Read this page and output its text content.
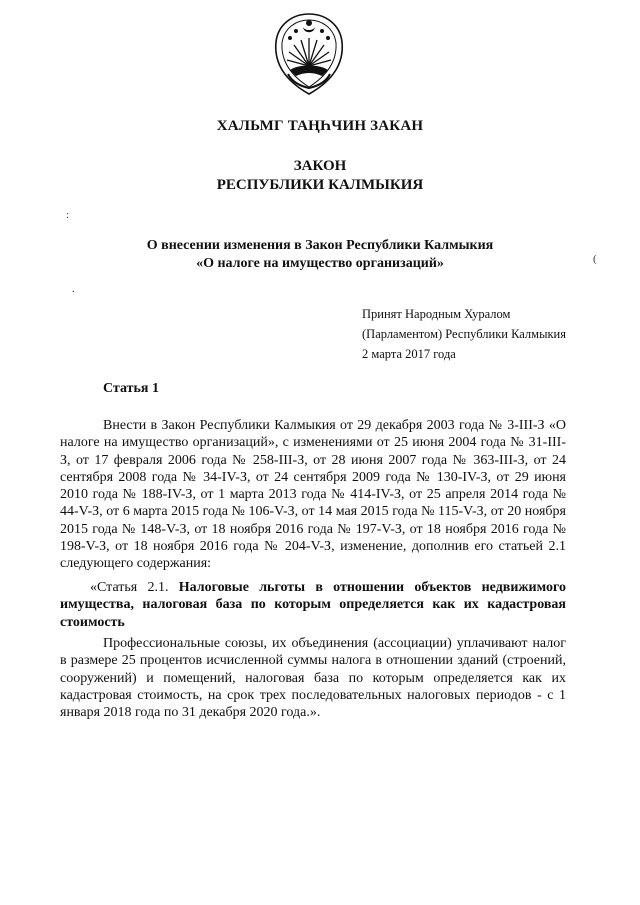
ХАЛЬМГ ТАҢҺЧИН ЗАКАН
ЗАКОН
РЕСПУБЛИКИ КАЛМЫКИЯ
:
(
.
О внесении изменения в Закон Республики Калмыкия
«О налоге на имущество организаций»
Принят Народным Хуралом
(Парламентом) Республики Калмыкия
2 марта 2017 года
Статья 1
Внести в Закон Республики Калмыкия от 29 декабря 2003 года № 3-III-З «О налоге на имущество организаций», с изменениями от 25 июня 2004 года № 31-III-З, от 17 февраля 2006 года № 258-III-З, от 28 июня 2007 года № 363-III-З, от 24 сентября 2008 года № 34-IV-З, от 24 сентября 2009 года № 130-IV-З, от 29 июня 2010 года № 188-IV-З, от 1 марта 2013 года № 414-IV-З, от 25 апреля 2014 года № 44-V-З, от 6 марта 2015 года № 106-V-З, от 14 мая 2015 года № 115-V-З, от 20 ноября 2015 года № 148-V-З, от 18 ноября 2016 года № 197-V-З, от 18 ноября 2016 года № 198-V-З, от 18 ноября 2016 года № 204-V-З, изменение, дополнив его статьей 2.1 следующего содержания:
«Статья 2.1. Налоговые льготы в отношении объектов недвижимого имущества, налоговая база по которым определяется как их кадастровая стоимость
Профессиональные союзы, их объединения (ассоциации) уплачивают налог в размере 25 процентов исчисленной суммы налога в отношении зданий (строений, сооружений) и помещений, налоговая база по которым определяется как их кадастровая стоимость, на срок трех последовательных налоговых периодов - с 1 января 2018 года по 31 декабря 2020 года.».
